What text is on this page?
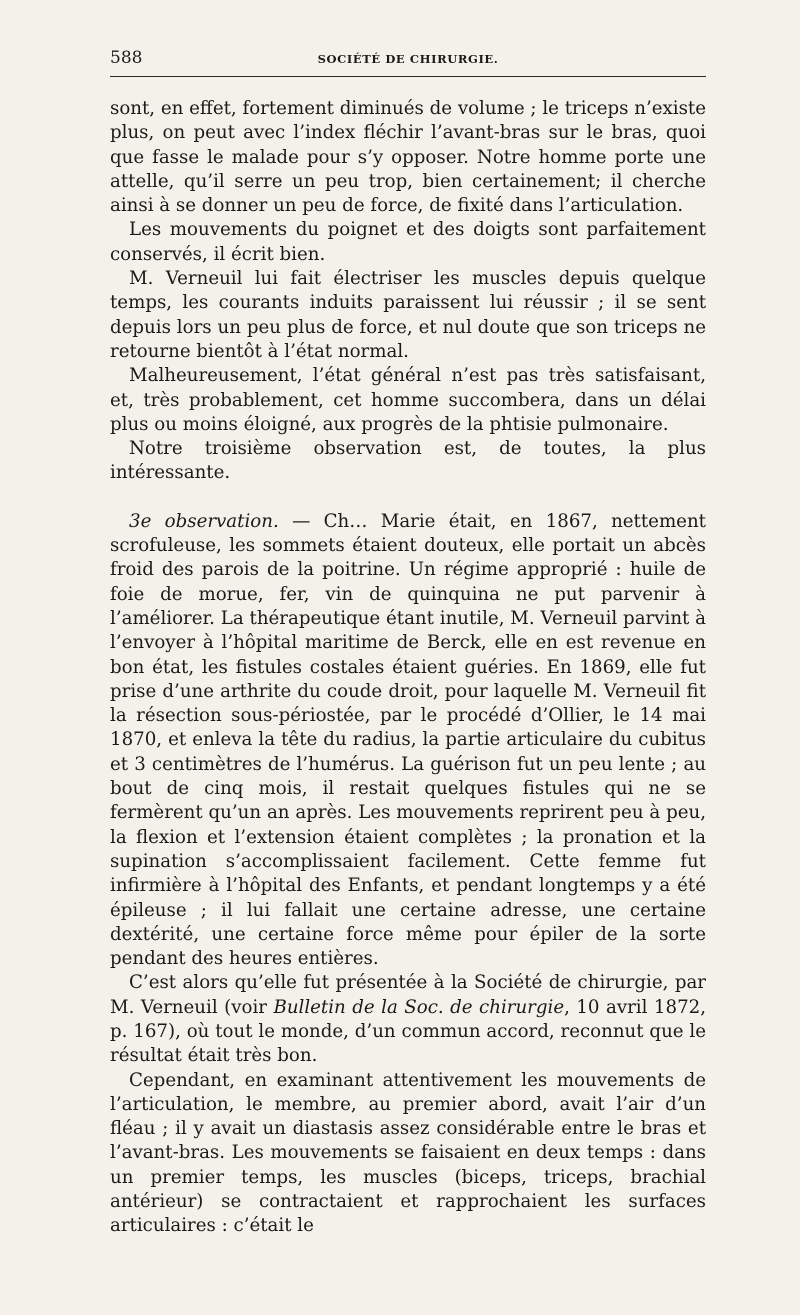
588	SOCIÉTÉ DE CHIRURGIE.

sont, en effet, fortement diminués de volume ; le triceps n’existe plus, on peut avec l’index fléchir l’avant-bras sur le bras, quoi que fasse le malade pour s’y opposer. Notre homme porte une attelle, qu’il serre un peu trop, bien certainement; il cherche ainsi à se donner un peu de force, de fixité dans l’articulation.

Les mouvements du poignet et des doigts sont parfaitement conservés, il écrit bien.

M. Verneuil lui fait électriser les muscles depuis quelque temps, les courants induits paraissent lui réussir ; il se sent depuis lors un peu plus de force, et nul doute que son triceps ne retourne bientôt à l’état normal.

Malheureusement, l’état général n’est pas très satisfaisant, et, très probablement, cet homme succombera, dans un délai plus ou moins éloigné, aux progrès de la phtisie pulmonaire.

Notre troisième observation est, de toutes, la plus intéressante.

3e observation. — Ch… Marie était, en 1867, nettement scrofuleuse, les sommets étaient douteux, elle portait un abcès froid des parois de la poitrine. Un régime approprié : huile de foie de morue, fer, vin de quinquina ne put parvenir à l’améliorer. La thérapeutique étant inutile, M. Verneuil parvint à l’envoyer à l’hôpital maritime de Berck, elle en est revenue en bon état, les fistules costales étaient guéries. En 1869, elle fut prise d’une arthrite du coude droit, pour laquelle M. Verneuil fit la résection sous-périostée, par le procédé d’Ollier, le 14 mai 1870, et enleva la tête du radius, la partie articulaire du cubitus et 3 centimètres de l’humérus. La guérison fut un peu lente ; au bout de cinq mois, il restait quelques fistules qui ne se fermèrent qu’un an après. Les mouvements reprirent peu à peu, la flexion et l’extension étaient complètes ; la pronation et la supination s’accomplissaient facilement. Cette femme fut infirmière à l’hôpital des Enfants, et pendant longtemps y a été épileuse ; il lui fallait une certaine adresse, une certaine dextérité, une certaine force même pour épiler de la sorte pendant des heures entières.

C’est alors qu’elle fut présentée à la Société de chirurgie, par M. Verneuil (voir Bulletin de la Soc. de chirurgie, 10 avril 1872, p. 167), où tout le monde, d’un commun accord, reconnut que le résultat était très bon.

Cependant, en examinant attentivement les mouvements de l’articulation, le membre, au premier abord, avait l’air d’un fléau ; il y avait un diastasis assez considérable entre le bras et l’avant-bras. Les mouvements se faisaient en deux temps : dans un premier temps, les muscles (biceps, triceps, brachial antérieur) se contractaient et rapprochaient les surfaces articulaires : c’était le
